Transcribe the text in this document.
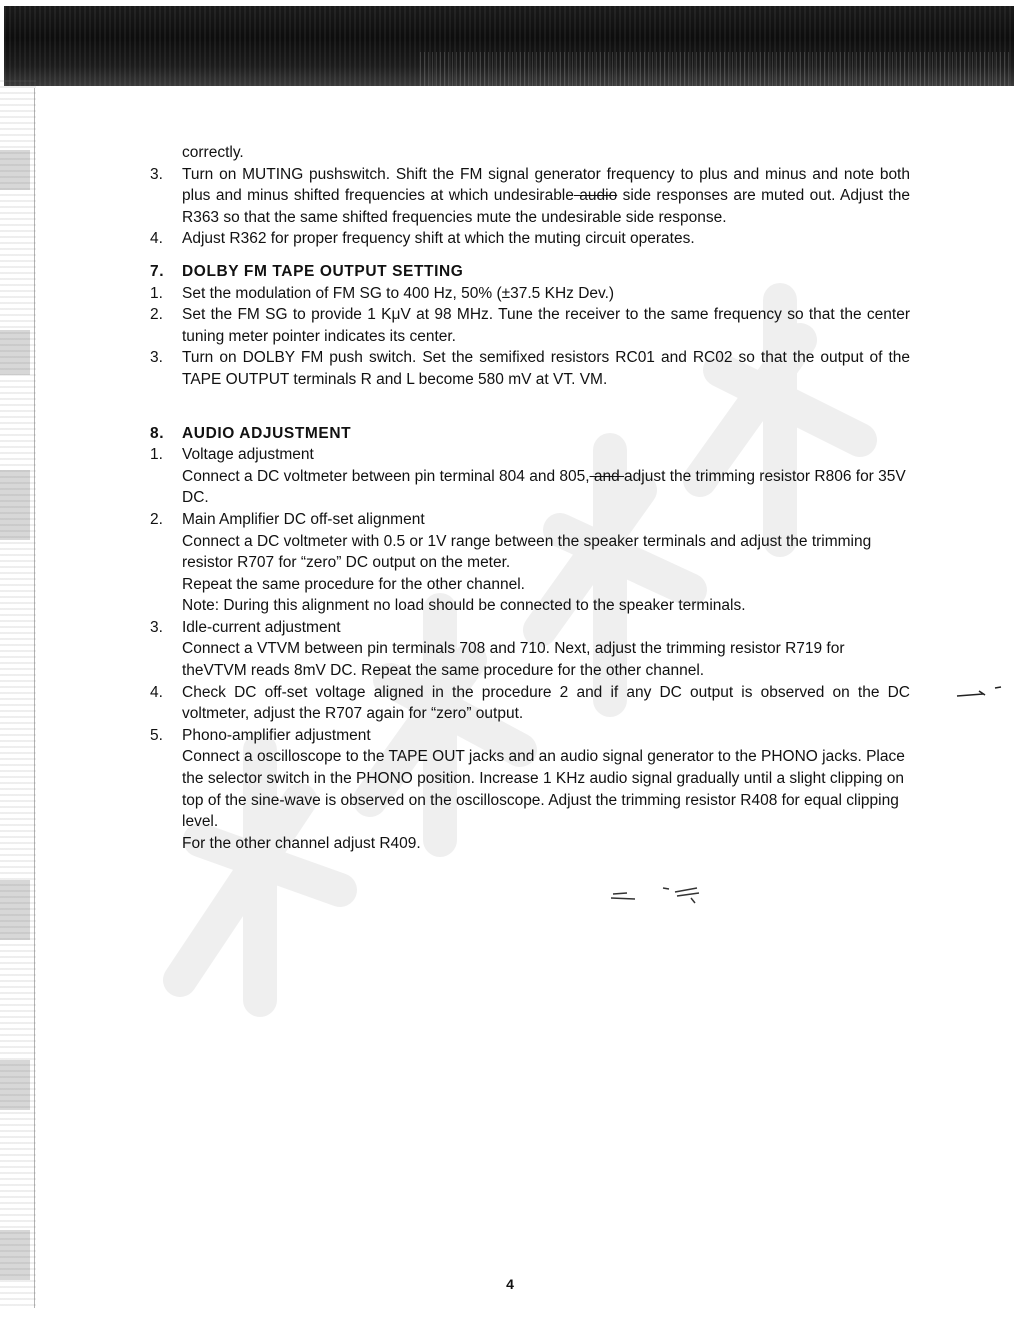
correctly.
3.	Turn on MUTING pushswitch. Shift the FM signal generator frequency to plus and minus and note both plus and minus shifted frequencies at which undesirable audio side responses are muted out. Adjust the R363 so that the same shifted frequencies mute the undesirable side response.
4.	Adjust R362 for proper frequency shift at which the muting circuit operates.
7.	DOLBY FM TAPE OUTPUT SETTING
1.	Set the modulation of FM SG to 400 Hz, 50% (±37.5 KHz Dev.)
2.	Set the FM SG to provide 1 KμV at 98 MHz. Tune the receiver to the same frequency so that the center tuning meter pointer indicates its center.
3.	Turn on DOLBY FM push switch. Set the semifixed resistors RC01 and RC02 so that the output of the TAPE OUTPUT terminals R and L become 580 mV at VT. VM.
8.	AUDIO ADJUSTMENT
1.	Voltage adjustment
Connect a DC voltmeter between pin terminal 804 and 805, and adjust the trimming resistor R806 for 35V DC.
2.	Main Amplifier DC off-set alignment
Connect a DC voltmeter with 0.5 or 1V range between the speaker terminals and adjust the trimming resistor R707 for “zero” DC output on the meter.
Repeat the same procedure for the other channel.
Note: During this alignment no load should be connected to the speaker terminals.
3.	Idle-current adjustment
Connect a VTVM between pin terminals 708 and 710. Next, adjust the trimming resistor R719 for theVTVM reads 8mV DC. Repeat the same procedure for the other channel.
4.	Check DC off-set voltage aligned in the procedure 2 and if any DC output is observed on the DC voltmeter, adjust the R707 again for “zero” output.
5.	Phono-amplifier adjustment
Connect a oscilloscope to the TAPE OUT jacks and an audio signal generator to the PHONO jacks. Place the selector switch in the PHONO position. Increase 1 KHz audio signal gradually until a slight clipping on top of the sine-wave is observed on the oscilloscope. Adjust the trimming resistor R408 for equal clipping level.
For the other channel adjust R409.
4
